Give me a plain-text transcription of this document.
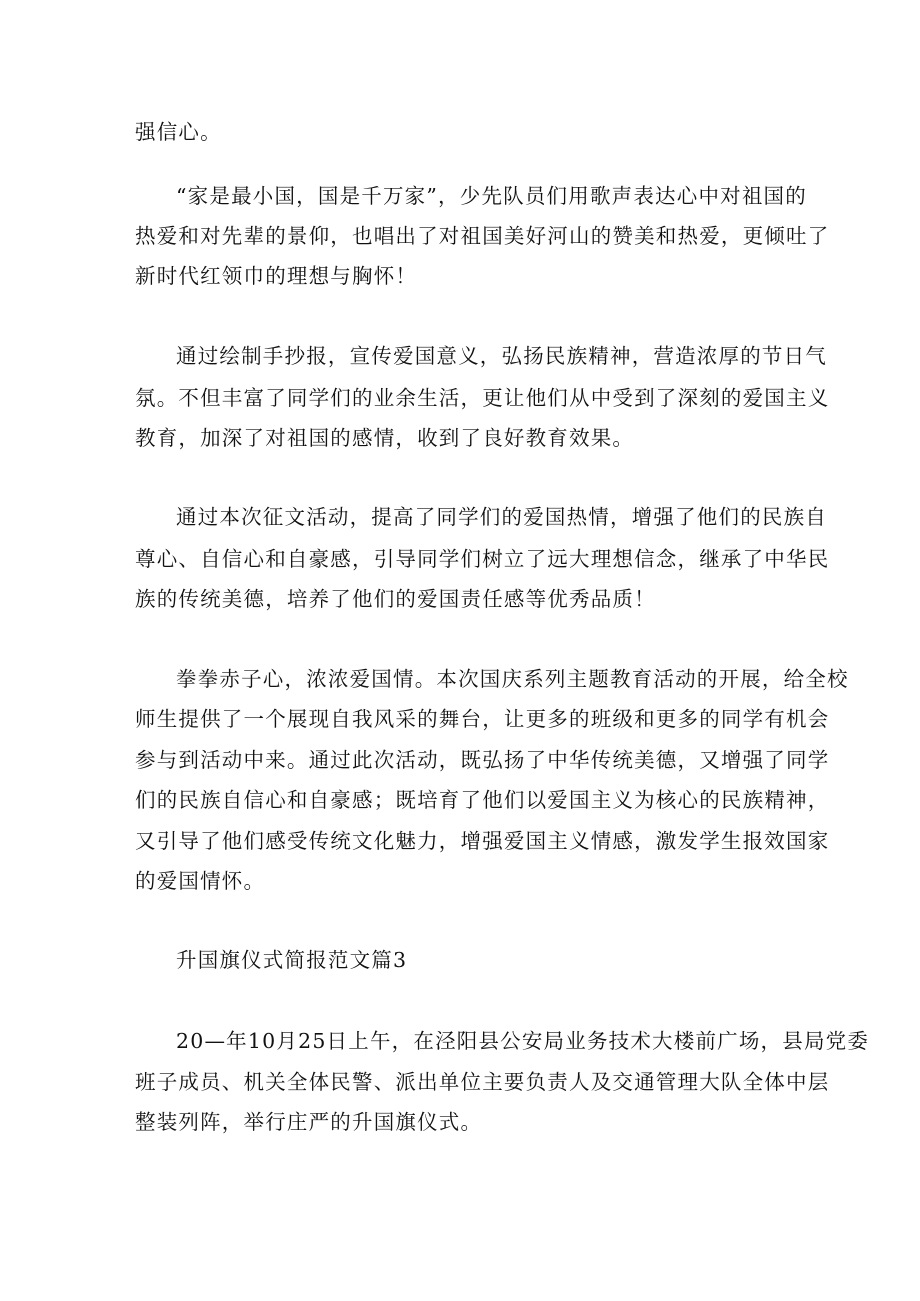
强信心。
“家是最小国，国是千万家”，少先队员们用歌声表达心中对祖国的
热爱和对先辈的景仰，也唱出了对祖国美好河山的赞美和热爱，更倾吐了
新时代红领巾的理想与胸怀！
通过绘制手抄报，宣传爱国意义，弘扬民族精神，营造浓厚的节日气
氛。不但丰富了同学们的业余生活，更让他们从中受到了深刻的爱国主义
教育，加深了对祖国的感情，收到了良好教育效果。
通过本次征文活动，提高了同学们的爱国热情，增强了他们的民族自
尊心、自信心和自豪感，引导同学们树立了远大理想信念，继承了中华民
族的传统美德，培养了他们的爱国责任感等优秀品质！
拳拳赤子心，浓浓爱国情。本次国庆系列主题教育活动的开展，给全校
师生提供了一个展现自我风采的舞台，让更多的班级和更多的同学有机会
参与到活动中来。通过此次活动，既弘扬了中华传统美德，又增强了同学
们的民族自信心和自豪感；既培育了他们以爱国主义为核心的民族精神，
又引导了他们感受传统文化魅力，增强爱国主义情感，激发学生报效国家
的爱国情怀。
升国旗仪式简报范文篇3
20—年10月25日上午，在泾阳县公安局业务技术大楼前广场，县局党委
班子成员、机关全体民警、派出单位主要负责人及交通管理大队全体中层
整装列阵，举行庄严的升国旗仪式。
